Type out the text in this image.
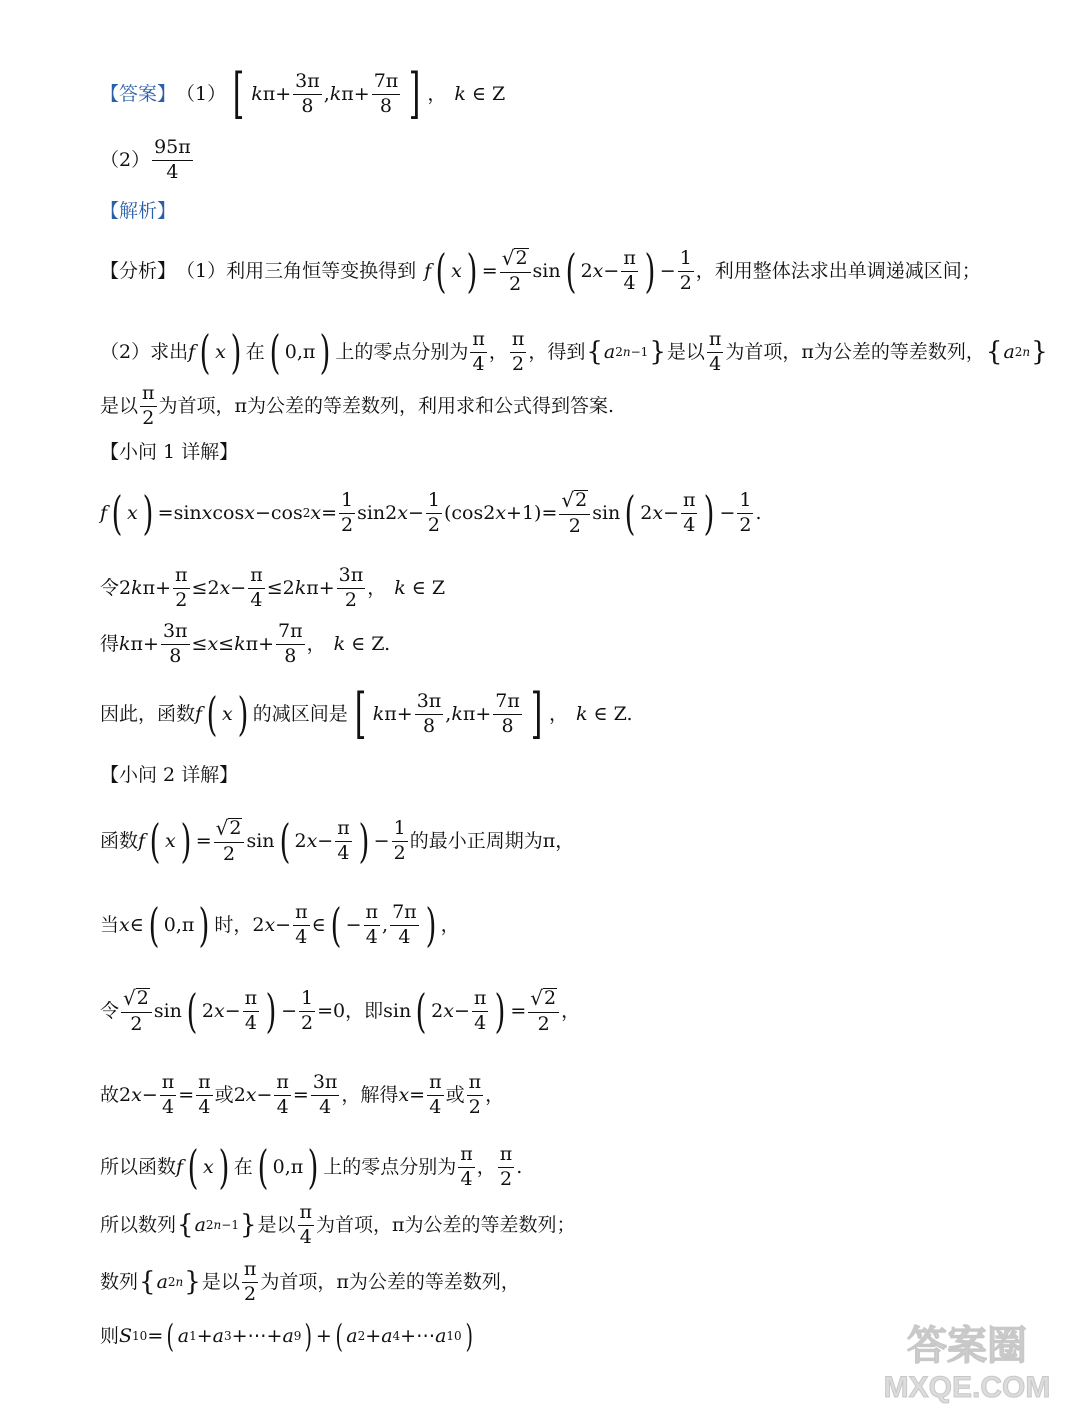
【答案】 （1） [ k $\pi+ \frac{3\pi}{8}$ , k $\pi+ \frac{7\pi}{8}$ ] ， k ∈ Z
$(2) \frac{95\pi}{4}$
【解析】
【分析】 （1）利用三角恒等变换得到 f ( x ) = $\frac{√ 2}{2}$ sin ( 2 $x - \frac{\pi}{4}$ ) − $\frac{1}{2}$ ，利用整体法求出单调递减区间；
（2）求出 f ( x ) 在 ( 0,π ) 上的零点分别为 $\frac{\pi}{4}$ ， $\frac{\pi}{2}$ ，得到 { a 2n−1 } 是以 $\frac{\pi}{4}$ 为首项， π 为公差的等差数列， { a 2n }
是以 $\frac{\pi}{2}$ 为首项， π 为公差的等差数列，利用求和公式得到答案.
【小问 1 详解】
f ( x ) =sin x cos x −cos 2 $x = \frac{1}{2} \sin 2$ $x - \frac{1}{2} (\cos 2$ $x +1)= \frac{√ 2}{2}$ sin ( 2 $x - \frac{\pi}{4}$ ) − $\frac{1}{2}$ .
令 2 k $\pi+ \frac{\pi}{2} \le 2$ $x - \frac{\pi}{4} \le 2$ k $\pi+ \frac{3\pi}{2}$ ， k ∈ Z
得 k $\pi+ \frac{3\pi}{8} \le x \le k$ $\pi+ \frac{7\pi}{8}$ ， k ∈ Z.
因此，函数 f ( x ) 的减区间是 [ k $\pi+ \frac{3\pi}{8}$ , k $\pi+ \frac{7\pi}{8}$ ] ， k ∈ Z.
【小问 2 详解】
函数 f ( x ) = $\frac{√ 2}{2}$ sin ( 2 $x - \frac{\pi}{4}$ ) − $\frac{1}{2}$ 的最小正周期为 π，
当 x ∈ ( 0,π ) 时， 2 $x - \frac{\pi}{4}$ ∈ ( − $\frac{\pi}{4}$ , $\frac{7\pi}{4}$ ) ，
令 $\frac{√ 2}{2}$ sin ( 2 $x - \frac{\pi}{4}$ ) − $\frac{1}{2} =0$， 即 sin ( 2 $x - \frac{\pi}{4}$ ) = $\frac{√ 2}{2}$ ，
故 2 $x - \frac{\pi}{4} = \frac{\pi}{4}$ 或 2 $x - \frac{\pi}{4} = \frac{3\pi}{4}$ ，解得 $x = \frac{\pi}{4}$ 或 $\frac{\pi}{2}$ ，
所以函数 f ( x ) 在 ( 0,π ) 上的零点分别为 $\frac{\pi}{4}$ ， $\frac{\pi}{2}$ .
所以数列 { a 2n−1 } 是以 $\frac{\pi}{4}$ 为首项， π 为公差的等差数列；
数列 { a 2n } 是以 $\frac{\pi}{2}$ 为首项， π 为公差的等差数列，
则 S 10 = ( a 1 + a 3 +⋯+ a 9 ) + ( a 2 + a 4 +⋯ a 10 )	答案圈
MXQE.COM
